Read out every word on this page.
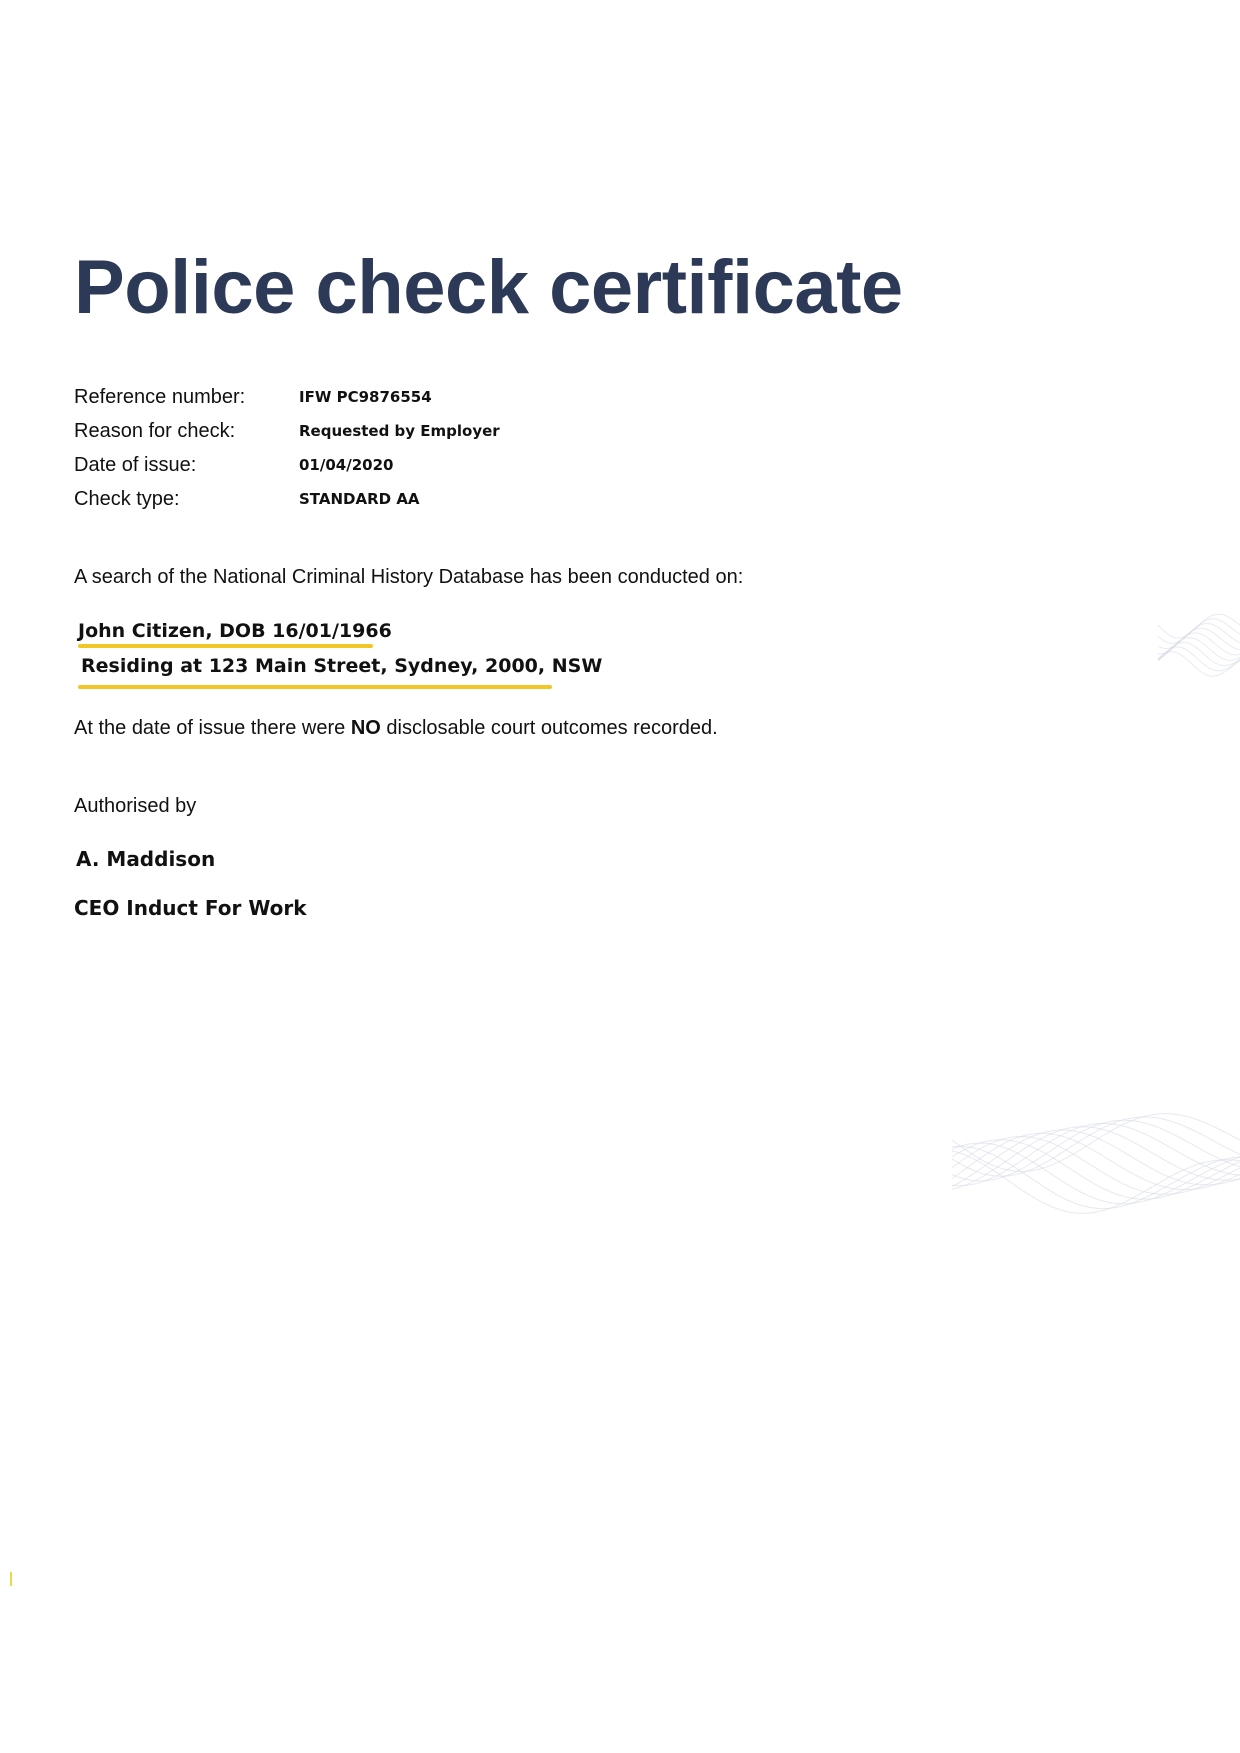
Police check certificate
Reference number:	IFW PC9876554
Reason for check:	Requested by Employer
Date of issue:	01/04/2020
Check type:	STANDARD AA

A search of the National Criminal History Database has been conducted on:

John Citizen, DOB 16/01/1966
Residing at 123 Main Street, Sydney, 2000, NSW

At the date of issue there were NO disclosable court outcomes recorded.

Authorised by
A. Maddison
CEO Induct For Work
